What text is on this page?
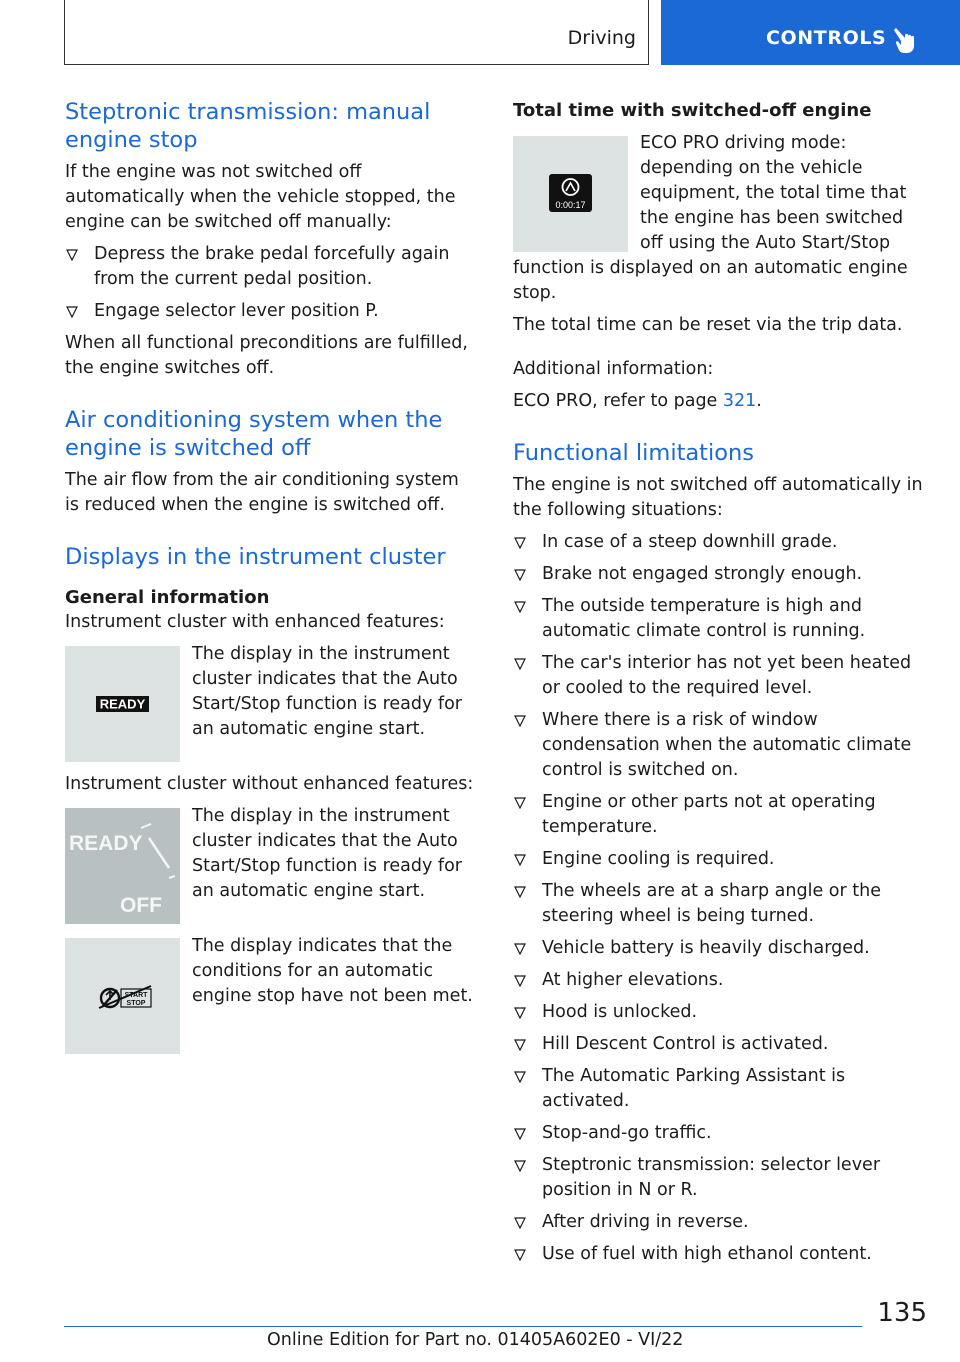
Driving	CONTROLS
Steptronic transmission: manual engine stop

If the engine was not switched off automatically when the vehicle stopped, the engine can be switched off manually:

Depress the brake pedal forcefully again from the current pedal position.
Engage selector lever position P.

When all functional preconditions are fulfilled, the engine switches off.

Air conditioning system when the engine is switched off

The air flow from the air conditioning system is reduced when the engine is switched off.

Displays in the instrument cluster
General information

Instrument cluster with enhanced features:

READY

The display in the instrument cluster indicates that the Auto Start/Stop function is ready for an automatic engine start.

Instrument cluster without enhanced features:

READY
OFF

The display in the instrument cluster indicates that the Auto Start/Stop function is ready for an automatic engine start.

START
STOP

The display indicates that the conditions for an automatic engine stop have not been met.

Total time with switched-off engine

0:00:17
ECO PRO driving mode: depending on the vehicle equipment, the total time that the engine has been switched off using the Auto Start/Stop function is displayed on an automatic engine stop.

The total time can be reset via the trip data.

Additional information:

ECO PRO, refer to page 321.

Functional limitations

The engine is not switched off automatically in the following situations:

In case of a steep downhill grade.
Brake not engaged strongly enough.
The outside temperature is high and automatic climate control is running.
The car's interior has not yet been heated or cooled to the required level.
Where there is a risk of window condensation when the automatic climate control is switched on.
Engine or other parts not at operating temperature.
Engine cooling is required.
The wheels are at a sharp angle or the steering wheel is being turned.
Vehicle battery is heavily discharged.
At higher elevations.
Hood is unlocked.
Hill Descent Control is activated.
The Automatic Parking Assistant is activated.
Stop-and-go traffic.
Steptronic transmission: selector lever position in N or R.
After driving in reverse.
Use of fuel with high ethanol content.
135
Online Edition for Part no. 01405A602E0 - VI/22
